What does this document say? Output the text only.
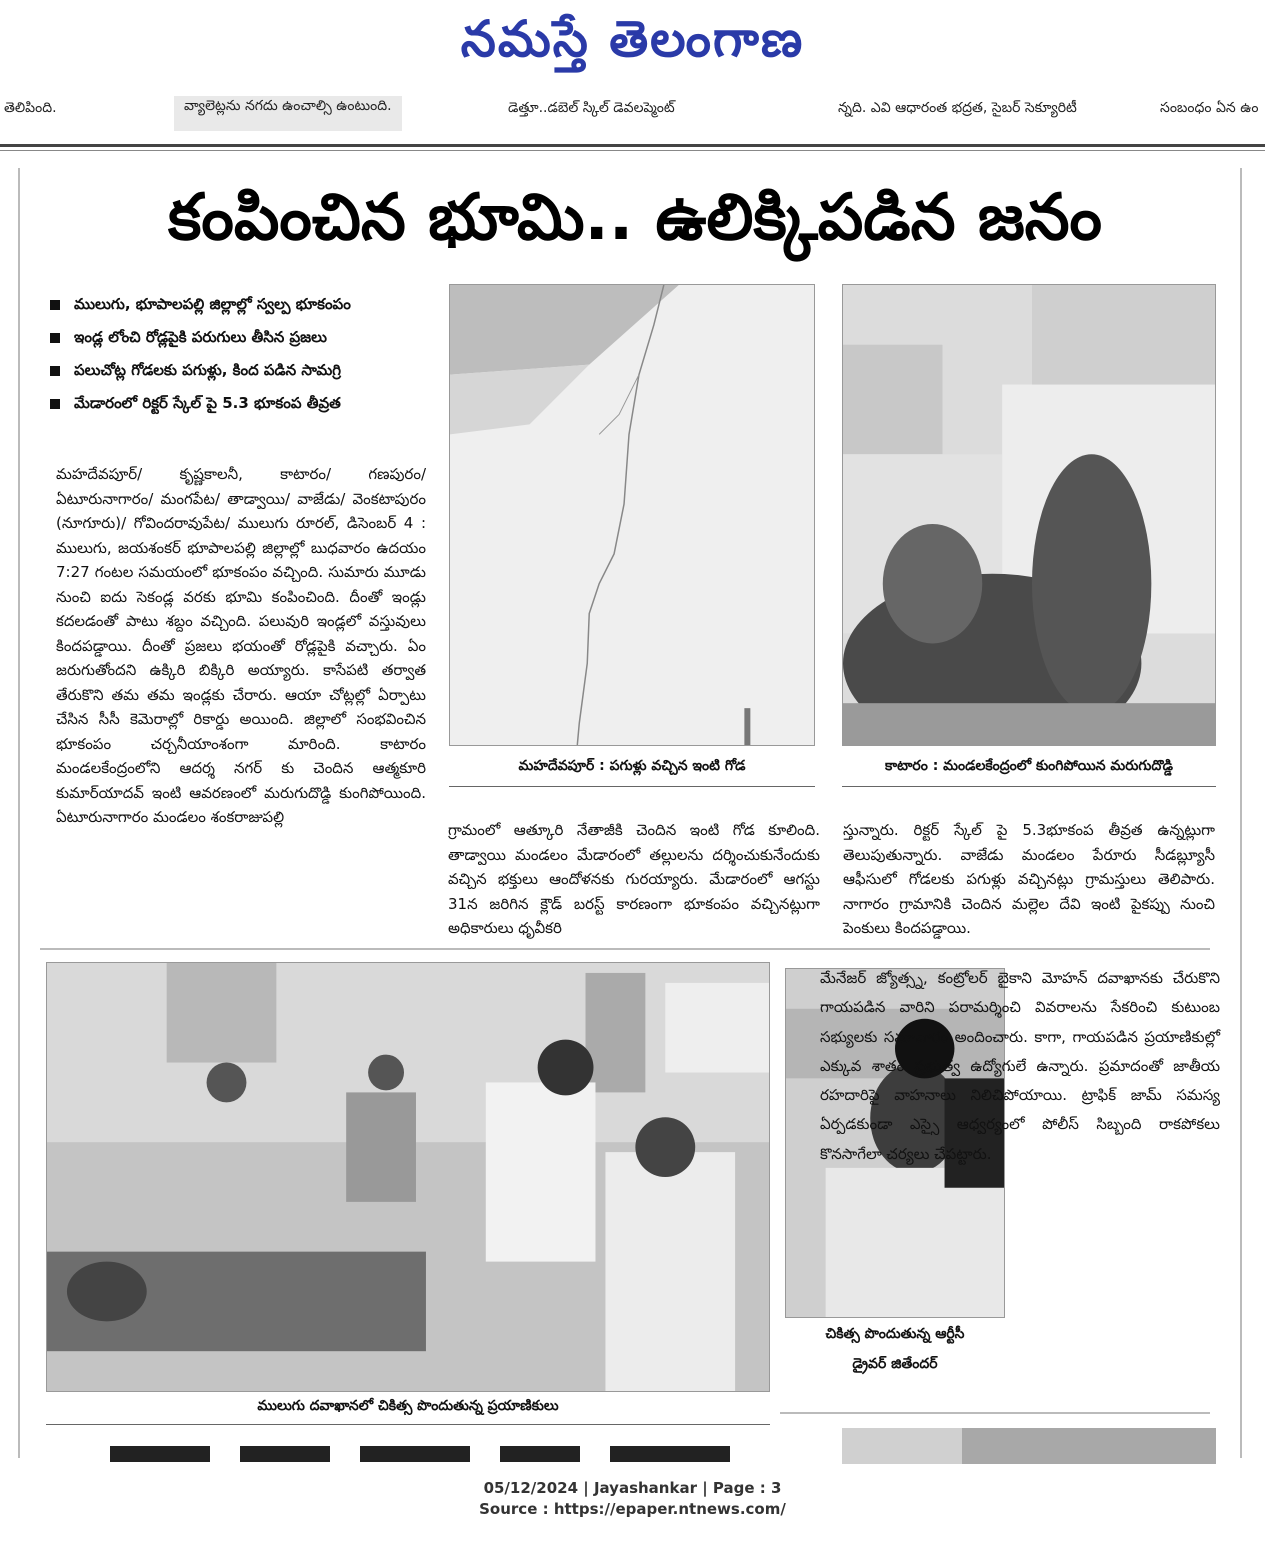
నమస్తే తెలంగాణ
తెలిపింది.	వ్యాలెట్లను నగదు ఉంచాల్సి ఉంటుంది.	డెత్తూ..డబెల్ స్కిల్ డెవలప్మెంట్	న్నది. ఎవి ఆధారంత భద్రత, సైబర్ సెక్యూరిటీ	సంబంధం ఏన ఉం
కంపించిన భూమి.. ఉలిక్కిపడిన జనం
ములుగు, భూపాలపల్లి జిల్లాల్లో స్వల్ప భూకంపం
ఇండ్ల లోంచి రోడ్లపైకి పరుగులు తీసిన ప్రజలు
పలుచోట్ల గోడలకు పగుళ్లు, కింద పడిన సామగ్రి
మేడారంలో రిక్టర్ స్కేల్ పై 5.3 భూకంప తీవ్రత

మహదేవపూర్/ కృష్ణకాలనీ, కాటారం/ గణపురం/ ఏటూరునాగారం/ మంగపేట/ తాడ్వాయి/ వాజేడు/ వెంకటాపురం (నూగూరు)/ గోవిందరావుపేట/ ములుగు రూరల్, డిసెంబర్ 4 : ములుగు, జయశంకర్ భూపాలపల్లి జిల్లాల్లో బుధవారం ఉదయం 7:27 గంటల సమయంలో భూకంపం వచ్చింది. సుమారు మూడు నుంచి ఐదు సెకండ్ల వరకు భూమి కంపించింది. దీంతో ఇండ్లు కదలడంతో పాటు శబ్దం వచ్చింది. పలువురి ఇండ్లలో వస్తువులు కిందపడ్డాయి. దీంతో ప్రజలు భయంతో రోడ్లపైకి వచ్చారు. ఏం జరుగుతోందని ఉక్కిరి బిక్కిరి అయ్యారు. కాసేపటి తర్వాత తేరుకొని తమ తమ ఇండ్లకు చేరారు. ఆయా చోట్లల్లో ఏర్పాటు చేసిన సీసీ కెమెరాల్లో రికార్డు అయింది. జిల్లాలో సంభవించిన భూకంపం చర్చనీయాంశంగా మారింది. కాటారం మండలకేంద్రంలోని ఆదర్శ నగర్ కు చెందిన ఆత్మకూరి కుమార్‌యాదవ్ ఇంటి ఆవరణంలో మరుగుదొడ్డి కుంగిపోయింది. ఏటూరునాగారం మండలం శంకరాజుపల్లి

మహదేవపూర్ : పగుళ్లు వచ్చిన ఇంటి గోడ	కాటారం : మండలకేంద్రంలో కుంగిపోయిన మరుగుదొడ్డి

గ్రామంలో ఆత్కూరి నేతాజీకి చెందిన ఇంటి గోడ కూలింది. తాడ్వాయి మండలం మేడారంలో తల్లులను దర్శించుకునేందుకు వచ్చిన భక్తులు ఆందోళనకు గురయ్యారు. మేడారంలో ఆగస్టు 31న జరిగిన క్లౌడ్ బరస్ట్ కారణంగా భూకంపం వచ్చినట్లుగా అధికారులు ధృవీకరి

స్తున్నారు. రిక్టర్ స్కేల్ పై 5.3భూకంప తీవ్రత ఉన్నట్లుగా తెలుపుతున్నారు. వాజేడు మండలం పేరూరు సీడబ్ల్యూసీ ఆఫీసులో గోడలకు పగుళ్లు వచ్చినట్లు గ్రామస్తులు తెలిపారు. నాగారం గ్రామానికి చెందిన మల్లెల దేవి ఇంటి పైకప్పు నుంచి పెంకులు కిందపడ్డాయి.

ములుగు దవాఖానలో చికిత్స పొందుతున్న ప్రయాణికులు
చికిత్స పొందుతున్న ఆర్టీసీ
డ్రైవర్ జితేందర్

మేనేజర్ జ్యోత్స్న, కంట్రోలర్ బైకాని మోహన్ దవాఖానకు చేరుకొని గాయపడిన వారిని పరామర్శించి వివరాలను సేకరించి కుటుంబ సభ్యులకు సమాచారం అందించారు. కాగా, గాయపడిన ప్రయాణికుల్లో ఎక్కువ శాతం ప్రభుత్వ ఉద్యోగులే ఉన్నారు. ప్రమాదంతో జాతీయ రహదారిపై వాహనాలు నిలిచిపోయాయి. ట్రాఫిక్ జామ్ సమస్య ఏర్పడకుండా ఎస్సై ఆధ్వర్యంలో పోలీస్ సిబ్బంది రాకపోకలు కొనసాగేలా చర్యలు చేపట్టారు.

05/12/2024 | Jayashankar | Page : 3
Source : https://epaper.ntnews.com/
